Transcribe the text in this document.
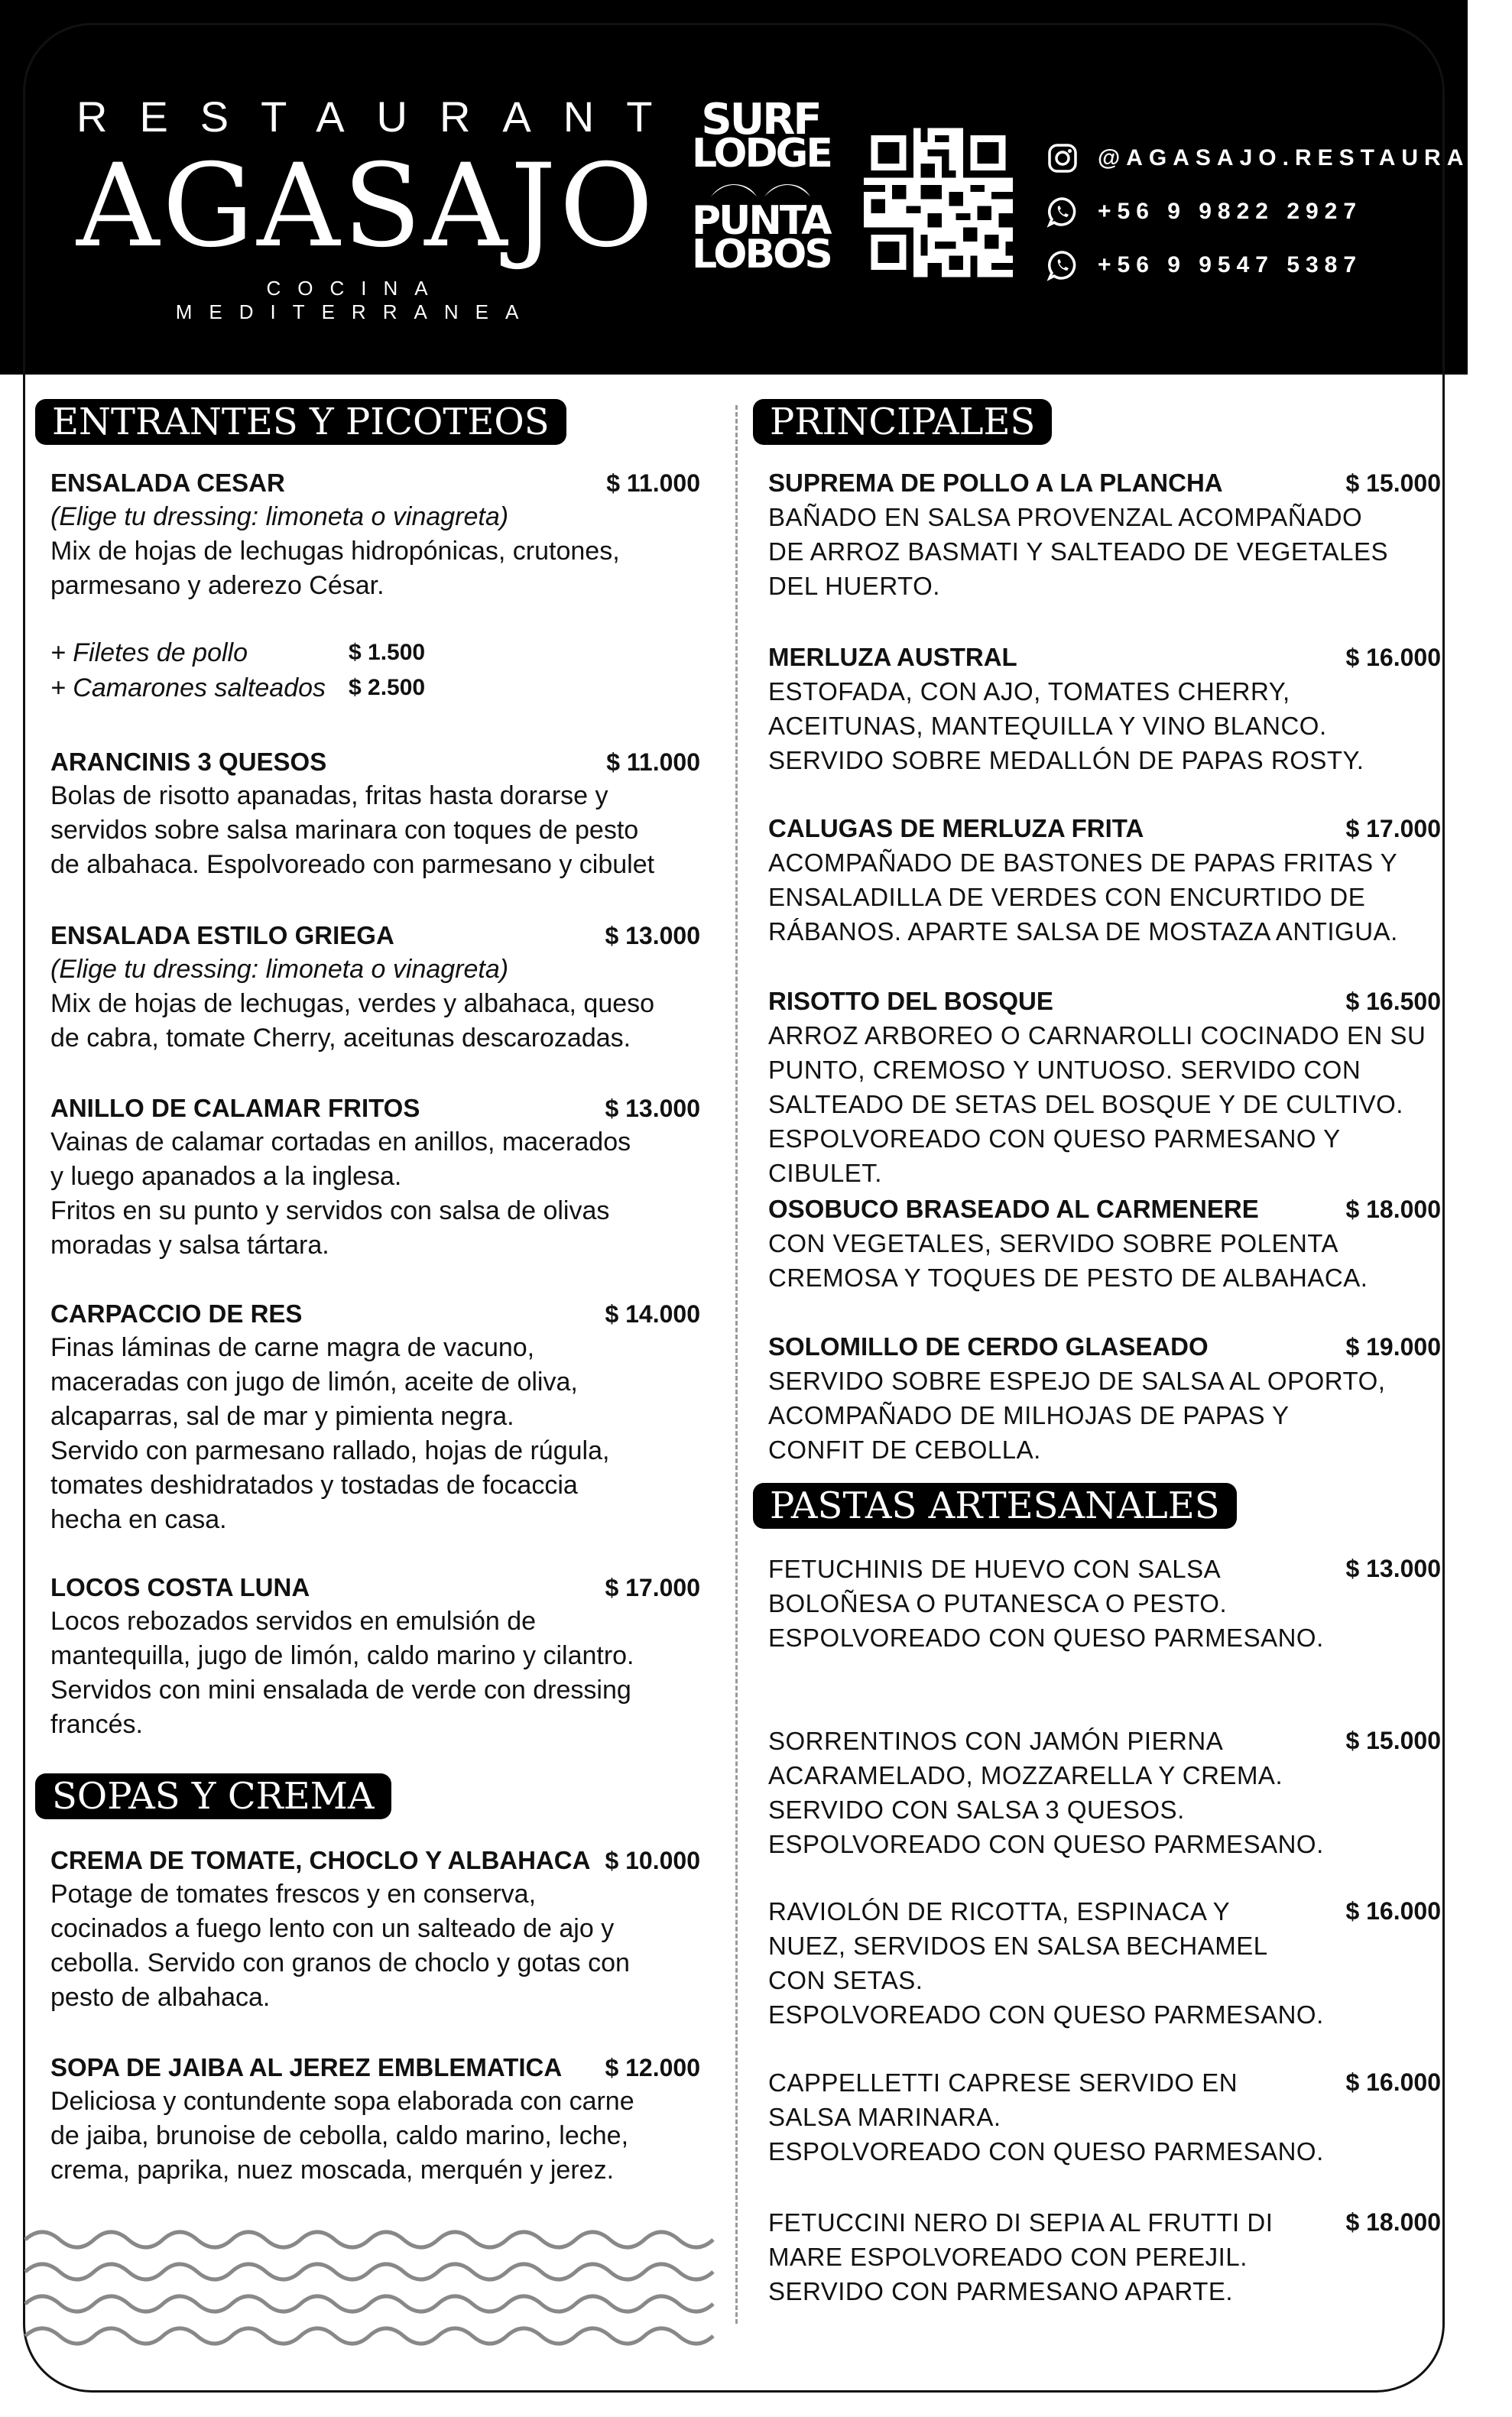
RESTAURANT
AGASAJO
COCINA MEDITERRANEA
SURF
LODGE
PUNTA
LOBOS
@AGASAJO.RESTAURANT
+56 9 9822 2927
+56 9 9547 5387
ENTRANTES Y PICOTEOS
ENSALADA CESAR	$ 11.000
(Elige tu dressing: limoneta o vinagreta)
Mix de hojas de lechugas hidropónicas, crutones,
parmesano y aderezo César.
+ Filetes de pollo	$ 1.500
+ Camarones salteados $ 2.500
ARANCINIS 3 QUESOS	$ 11.000
Bolas de risotto apanadas, fritas hasta dorarse y
servidos sobre salsa marinara con toques de pesto
de albahaca. Espolvoreado con parmesano y cibulet
ENSALADA ESTILO GRIEGA	$ 13.000
(Elige tu dressing: limoneta o vinagreta)
Mix de hojas de lechugas, verdes y albahaca, queso
de cabra, tomate Cherry, aceitunas descarozadas.
ANILLO DE CALAMAR FRITOS	$ 13.000
Vainas de calamar cortadas en anillos, macerados
y luego apanados a la inglesa.
Fritos en su punto y servidos con salsa de olivas
moradas y salsa tártara.
CARPACCIO DE RES	$ 14.000
Finas láminas de carne magra de vacuno,
maceradas con jugo de limón, aceite de oliva,
alcaparras, sal de mar y pimienta negra.
Servido con parmesano rallado, hojas de rúgula,
tomates deshidratados y tostadas de focaccia
hecha en casa.
LOCOS COSTA LUNA	$ 17.000
Locos rebozados servidos en emulsión de
mantequilla, jugo de limón, caldo marino y cilantro.
Servidos con mini ensalada de verde con dressing
francés.
SOPAS Y CREMA
CREMA DE TOMATE, CHOCLO Y ALBAHACA $ 10.000
Potage de tomates frescos y en conserva,
cocinados a fuego lento con un salteado de ajo y
cebolla. Servido con granos de choclo y gotas con
pesto de albahaca.
SOPA DE JAIBA AL JEREZ EMBLEMATICA	$ 12.000
Deliciosa y contundente sopa elaborada con carne
de jaiba, brunoise de cebolla, caldo marino, leche,
crema, paprika, nuez moscada, merquén y jerez.
PRINCIPALES
SUPREMA DE POLLO A LA PLANCHA	$ 15.000
BAÑADO EN SALSA PROVENZAL ACOMPAÑADO
DE ARROZ BASMATI Y SALTEADO DE VEGETALES
DEL HUERTO.
MERLUZA AUSTRAL	$ 16.000
ESTOFADA, CON AJO, TOMATES CHERRY,
ACEITUNAS, MANTEQUILLA Y VINO BLANCO.
SERVIDO SOBRE MEDALLÓN DE PAPAS ROSTY.
CALUGAS DE MERLUZA FRITA	$ 17.000
ACOMPAÑADO DE BASTONES DE PAPAS FRITAS Y
ENSALADILLA DE VERDES CON ENCURTIDO DE
RÁBANOS. APARTE SALSA DE MOSTAZA ANTIGUA.
RISOTTO DEL BOSQUE	$ 16.500
ARROZ ARBOREO O CARNAROLLI COCINADO EN SU
PUNTO, CREMOSO Y UNTUOSO. SERVIDO CON
SALTEADO DE SETAS DEL BOSQUE Y DE CULTIVO.
ESPOLVOREADO CON QUESO PARMESANO Y CIBULET.
OSOBUCO BRASEADO AL CARMENERE	$ 18.000
CON VEGETALES, SERVIDO SOBRE POLENTA
CREMOSA Y TOQUES DE PESTO DE ALBAHACA.
SOLOMILLO DE CERDO GLASEADO	$ 19.000
SERVIDO SOBRE ESPEJO DE SALSA AL OPORTO,
ACOMPAÑADO DE MILHOJAS DE PAPAS Y
CONFIT DE CEBOLLA.
PASTAS ARTESANALES
$ 13.000
FETUCHINIS DE HUEVO CON SALSA
BOLOÑESA O PUTANESCA O PESTO.
ESPOLVOREADO CON QUESO PARMESANO.
$ 15.000
SORRENTINOS CON JAMÓN PIERNA
ACARAMELADO, MOZZARELLA Y CREMA.
SERVIDO CON SALSA 3 QUESOS.
ESPOLVOREADO CON QUESO PARMESANO.
$ 16.000
RAVIOLÓN DE RICOTTA, ESPINACA Y
NUEZ, SERVIDOS EN SALSA BECHAMEL
CON SETAS.
ESPOLVOREADO CON QUESO PARMESANO.
$ 16.000
CAPPELLETTI CAPRESE SERVIDO EN
SALSA MARINARA.
ESPOLVOREADO CON QUESO PARMESANO.
$ 18.000
FETUCCINI NERO DI SEPIA AL FRUTTI DI
MARE ESPOLVOREADO CON PEREJIL.
SERVIDO CON PARMESANO APARTE.
